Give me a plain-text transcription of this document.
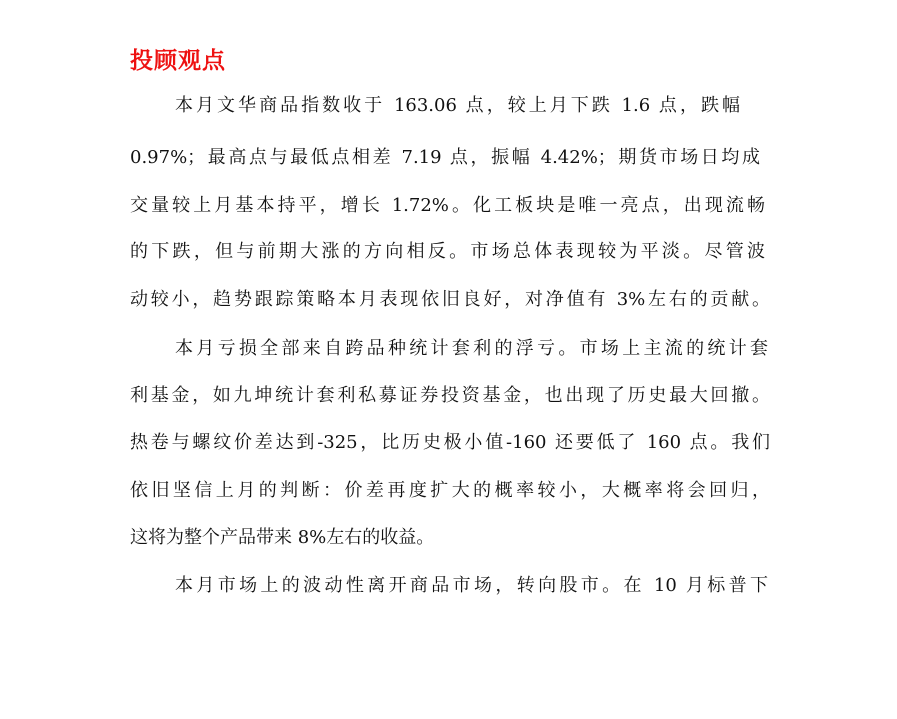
投顾观点

本月文华商品指数收于 163.06 点，较上月下跌 1.6 点，跌幅

0.97%；最高点与最低点相差 7.19 点，振幅 4.42%；期货市场日均成

交量较上月基本持平，增长 1.72%。化工板块是唯一亮点，出现流畅

的下跌，但与前期大涨的方向相反。市场总体表现较为平淡。尽管波

动较小，趋势跟踪策略本月表现依旧良好，对净值有 3%左右的贡献。

本月亏损全部来自跨品种统计套利的浮亏。市场上主流的统计套

利基金，如九坤统计套利私募证券投资基金，也出现了历史最大回撤。

热卷与螺纹价差达到-325，比历史极小值-160 还要低了 160 点。我们

依旧坚信上月的判断：价差再度扩大的概率较小，大概率将会回归，

这将为整个产品带来 8%左右的收益。

本月市场上的波动性离开商品市场，转向股市。在 10 月标普下
